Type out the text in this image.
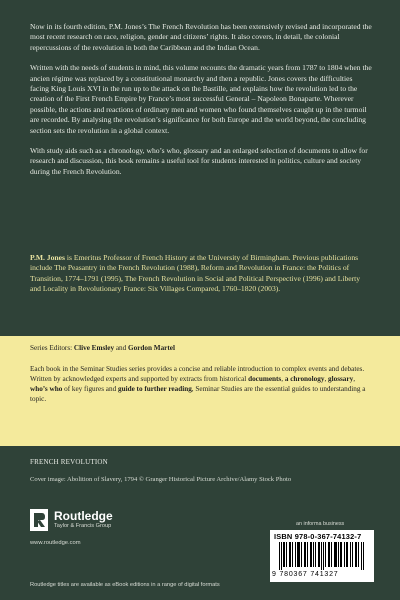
Now in its fourth edition, P.M. Jones’s The French Revolution has been extensively revised and incorporated the most recent research on race, religion, gender and citizens’ rights. It also covers, in detail, the colonial repercussions of the revolution in both the Caribbean and the Indian Ocean.

Written with the needs of students in mind, this volume recounts the dramatic years from 1787 to 1804 when the ancien régime was replaced by a constitutional monarchy and then a republic. Jones covers the difficulties facing King Louis XVI in the run up to the attack on the Bastille, and explains how the revolution led to the creation of the First French Empire by France’s most successful General – Napoleon Bonaparte. Wherever possible, the actions and reactions of ordinary men and women who found themselves caught up in the turmoil are recorded. By analysing the revolution’s significance for both Europe and the world beyond, the concluding section sets the revolution in a global context.

With study aids such as a chronology, who’s who, glossary and an enlarged selection of documents to allow for research and discussion, this book remains a useful tool for students interested in politics, culture and society during the French Revolution.

P.M. Jones is Emeritus Professor of French History at the University of Birmingham. Previous publications include The Peasantry in the French Revolution (1988), Reform and Revolution in France: the Politics of Transition, 1774–1791 (1995), The French Revolution in Social and Political Perspective (1996) and Liberty and Locality in Revolutionary France: Six Villages Compared, 1760–1820 (2003).
Series Editors: Clive Emsley and Gordon Martel
Each book in the Seminar Studies series provides a concise and reliable introduction to complex events and debates. Written by acknowledged experts and supported by extracts from historical documents, a chronology, glossary, who’s who of key figures and guide to further reading, Seminar Studies are the essential guides to understanding a topic.
FRENCH REVOLUTION
Cover image: Abolition of Slavery, 1794 © Granger Historical Picture Archive/Alamy Stock Photo
Routledge
Taylor & Francis Group
www.routledge.com
an informa business
ISBN 978-0-367-74132-7
9 780367 741327
Routledge titles are available as eBook editions in a range of digital formats
